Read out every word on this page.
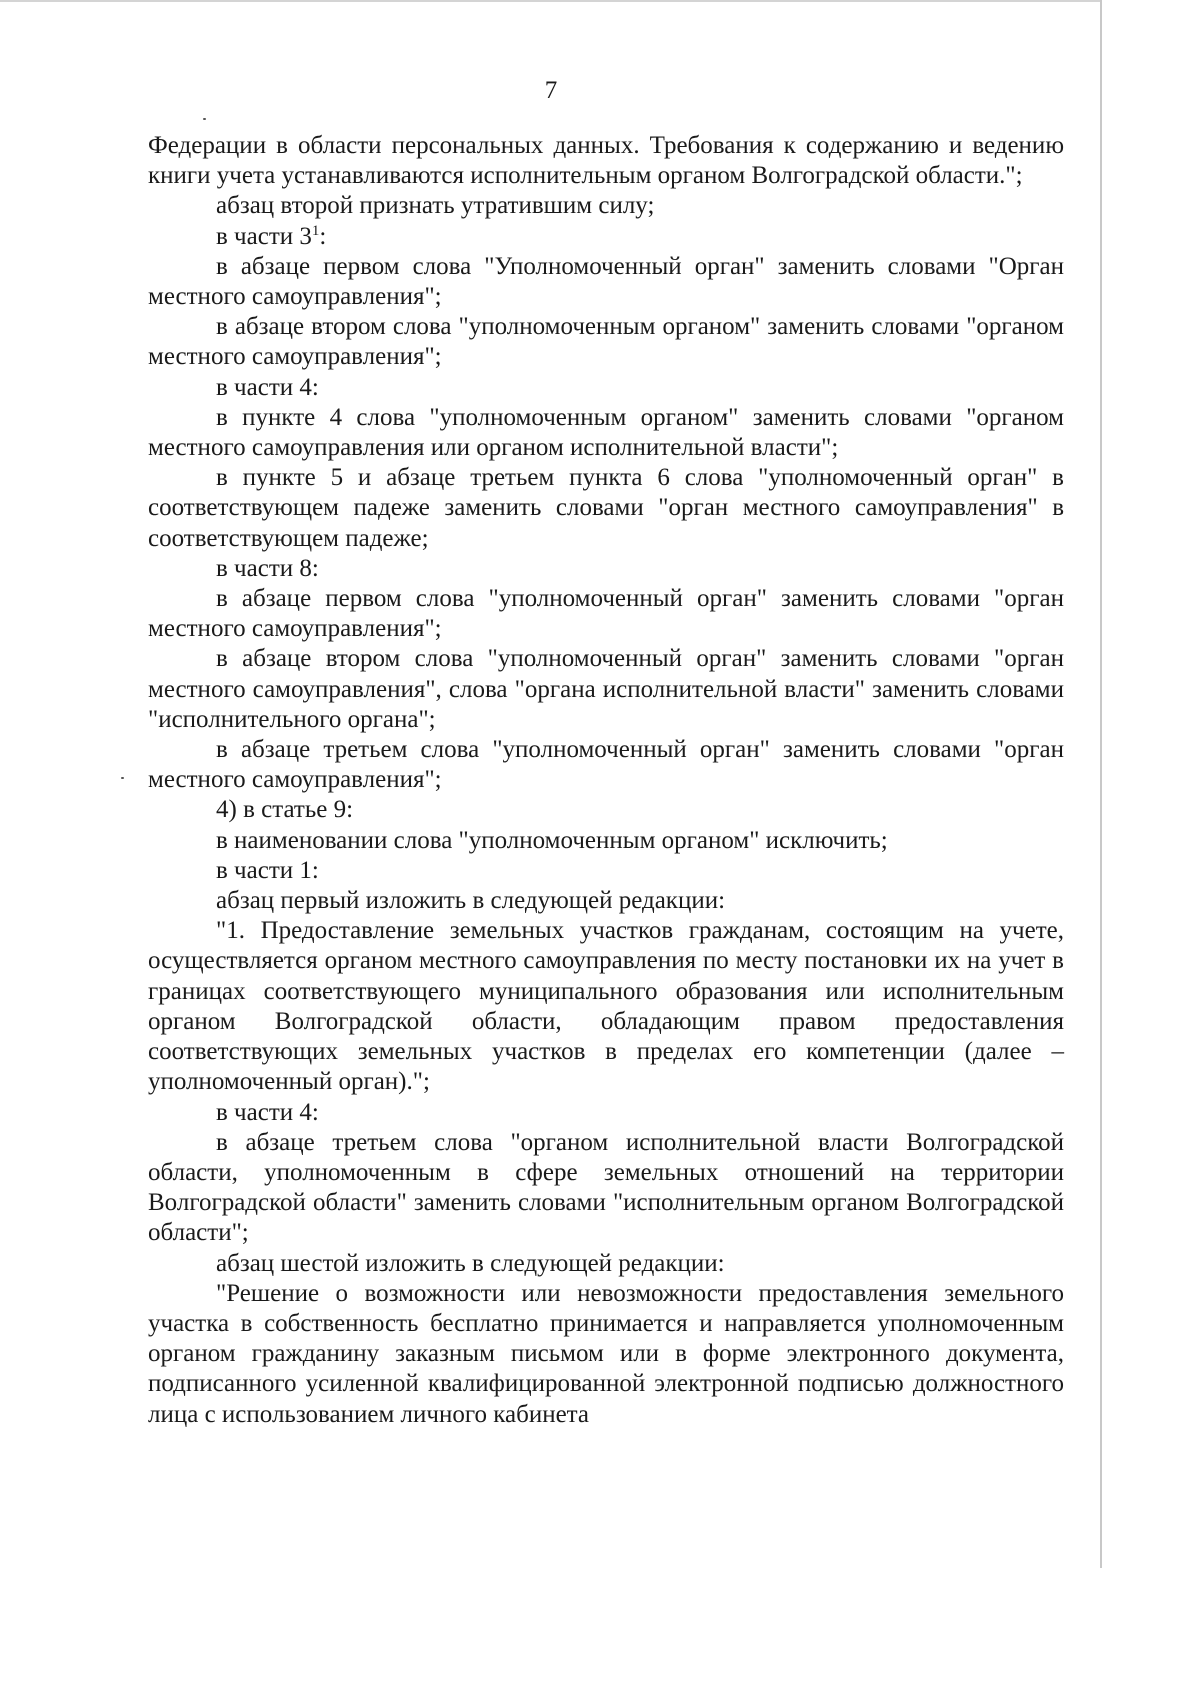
7

Федерации в области персональных данных. Требования к содержанию и ведению книги учета устанавливаются исполнительным органом Волгоградской области.";

абзац второй признать утратившим силу;

в части $3^1$:

в абзаце первом слова "Уполномоченный орган" заменить словами "Орган местного самоуправления";

в абзаце втором слова "уполномоченным органом" заменить словами "органом местного самоуправления";

в части 4:

в пункте 4 слова "уполномоченным органом" заменить словами "органом местного самоуправления или органом исполнительной власти";

в пункте 5 и абзаце третьем пункта 6 слова "уполномоченный орган" в соответствующем падеже заменить словами "орган местного самоуправления" в соответствующем падеже;

в части 8:

в абзаце первом слова "уполномоченный орган" заменить словами "орган местного самоуправления";

в абзаце втором слова "уполномоченный орган" заменить словами "орган местного самоуправления", слова "органа исполнительной власти" заменить словами "исполнительного органа";

в абзаце третьем слова "уполномоченный орган" заменить словами "орган местного самоуправления";

4) в статье 9:

в наименовании слова "уполномоченным органом" исключить;

в части 1:

абзац первый изложить в следующей редакции:

"1. Предоставление земельных участков гражданам, состоящим на учете, осуществляется органом местного самоуправления по месту постановки их на учет в границах соответствующего муниципального образования или исполнительным органом Волгоградской области, обладающим правом предоставления соответствующих земельных участков в пределах его компетенции (далее – уполномоченный орган).";

в части 4:

в абзаце третьем слова "органом исполнительной власти Волгоградской области, уполномоченным в сфере земельных отношений на территории Волгоградской области" заменить словами "исполнительным органом Волгоградской области";

абзац шестой изложить в следующей редакции:

"Решение о возможности или невозможности предоставления земельного участка в собственность бесплатно принимается и направляется уполномоченным органом гражданину заказным письмом или в форме электронного документа, подписанного усиленной квалифицированной электронной подписью должностного лица с использованием личного кабинета
